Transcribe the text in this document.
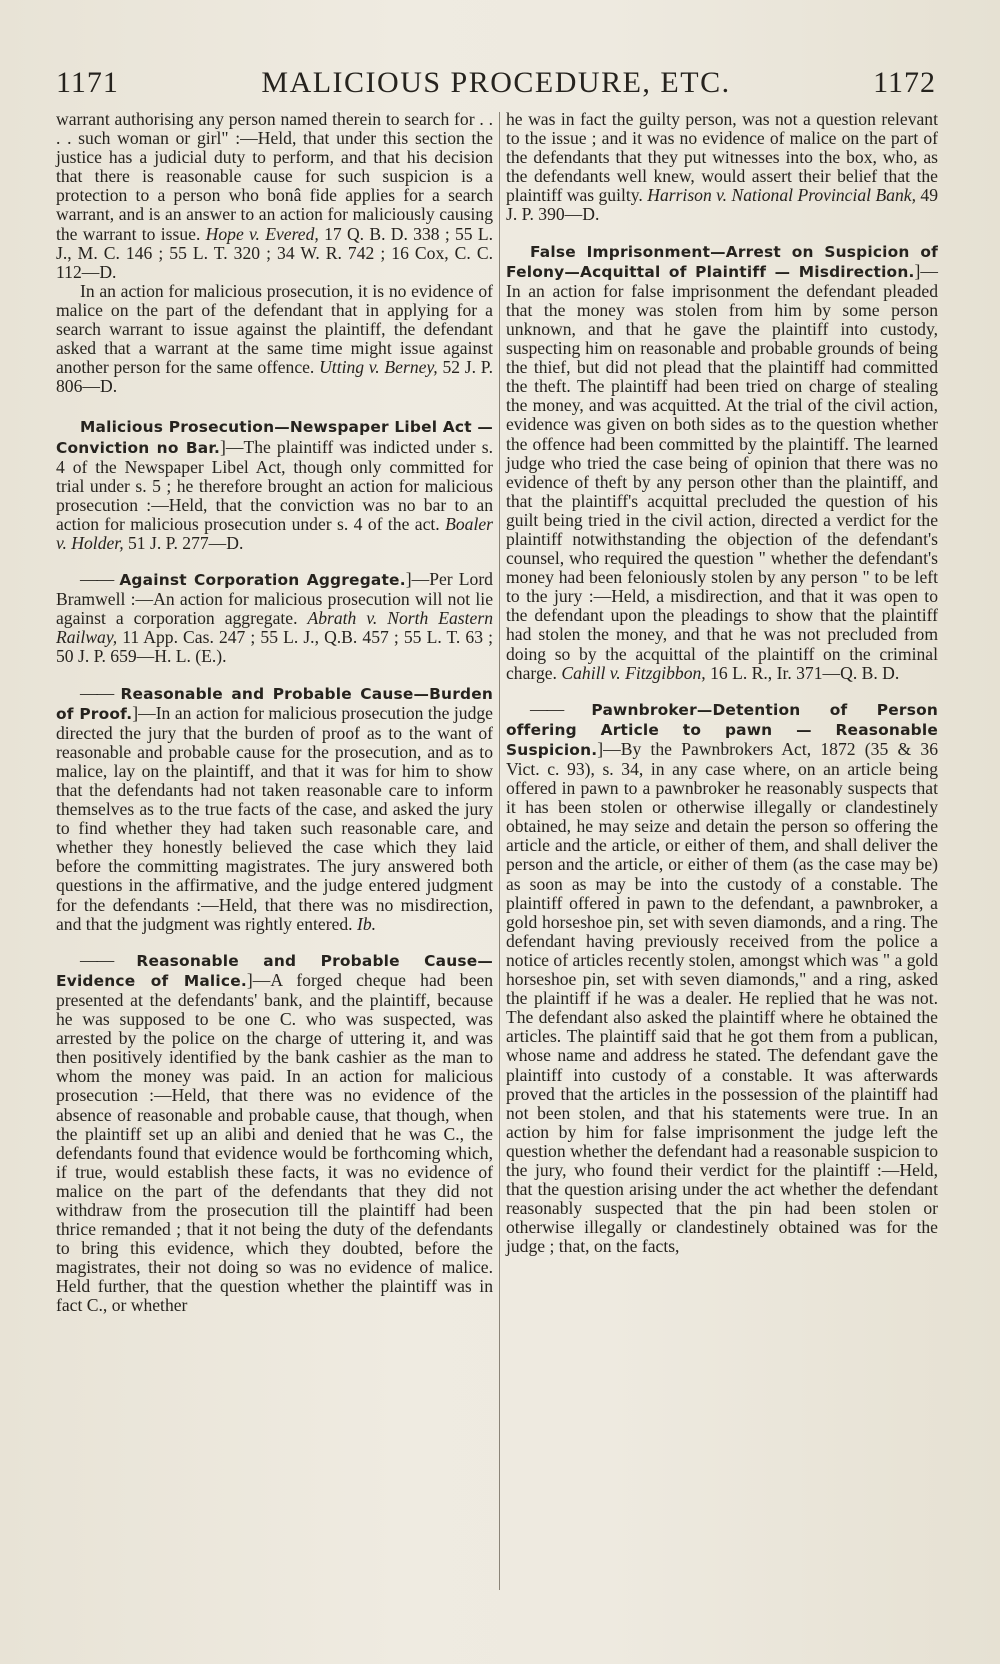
1171	MALICIOUS PROCEDURE, ETC.	1172

warrant authorising any person named therein to search for . . . . such woman or girl" :—Held, that under this section the justice has a judicial duty to perform, and that his decision that there is reasonable cause for such suspicion is a protection to a person who bonâ fide applies for a search warrant, and is an answer to an action for maliciously causing the warrant to issue. Hope v. Evered, 17 Q. B. D. 338 ; 55 L. J., M. C. 146 ; 55 L. T. 320 ; 34 W. R. 742 ; 16 Cox, C. C. 112—D.

In an action for malicious prosecution, it is no evidence of malice on the part of the defendant that in applying for a search warrant to issue against the plaintiff, the defendant asked that a warrant at the same time might issue against another person for the same offence. Utting v. Berney, 52 J. P. 806—D.

Malicious Prosecution—Newspaper Libel Act —Conviction no Bar.]—The plaintiff was indicted under s. 4 of the Newspaper Libel Act, though only committed for trial under s. 5 ; he therefore brought an action for malicious prosecution :—Held, that the conviction was no bar to an action for malicious prosecution under s. 4 of the act. Boaler v. Holder, 51 J. P. 277—D.

—— Against Corporation Aggregate.]—Per Lord Bramwell :—An action for malicious prosecution will not lie against a corporation aggregate. Abrath v. North Eastern Railway, 11 App. Cas. 247 ; 55 L. J., Q.B. 457 ; 55 L. T. 63 ; 50 J. P. 659—H. L. (E.).

—— Reasonable and Probable Cause—Burden of Proof.]—In an action for malicious prosecution the judge directed the jury that the burden of proof as to the want of reasonable and probable cause for the prosecution, and as to malice, lay on the plaintiff, and that it was for him to show that the defendants had not taken reasonable care to inform themselves as to the true facts of the case, and asked the jury to find whether they had taken such reasonable care, and whether they honestly believed the case which they laid before the committing magistrates. The jury answered both questions in the affirmative, and the judge entered judgment for the defendants :—Held, that there was no misdirection, and that the judgment was rightly entered. Ib.

—— Reasonable and Probable Cause—Evidence of Malice.]—A forged cheque had been presented at the defendants' bank, and the plaintiff, because he was supposed to be one C. who was suspected, was arrested by the police on the charge of uttering it, and was then positively identified by the bank cashier as the man to whom the money was paid. In an action for malicious prosecution :—Held, that there was no evidence of the absence of reasonable and probable cause, that though, when the plaintiff set up an alibi and denied that he was C., the defendants found that evidence would be forthcoming which, if true, would establish these facts, it was no evidence of malice on the part of the defendants that they did not withdraw from the prosecution till the plaintiff had been thrice remanded ; that it not being the duty of the defendants to bring this evidence, which they doubted, before the magistrates, their not doing so was no evidence of malice. Held further, that the question whether the plaintiff was in fact C., or whether

he was in fact the guilty person, was not a question relevant to the issue ; and it was no evidence of malice on the part of the defendants that they put witnesses into the box, who, as the defendants well knew, would assert their belief that the plaintiff was guilty. Harrison v. National Provincial Bank, 49 J. P. 390—D.

False Imprisonment—Arrest on Suspicion of Felony—Acquittal of Plaintiff — Misdirection.]—In an action for false imprisonment the defendant pleaded that the money was stolen from him by some person unknown, and that he gave the plaintiff into custody, suspecting him on reasonable and probable grounds of being the thief, but did not plead that the plaintiff had committed the theft. The plaintiff had been tried on charge of stealing the money, and was acquitted. At the trial of the civil action, evidence was given on both sides as to the question whether the offence had been committed by the plaintiff. The learned judge who tried the case being of opinion that there was no evidence of theft by any person other than the plaintiff, and that the plaintiff's acquittal precluded the question of his guilt being tried in the civil action, directed a verdict for the plaintiff notwithstanding the objection of the defendant's counsel, who required the question " whether the defendant's money had been feloniously stolen by any person " to be left to the jury :—Held, a misdirection, and that it was open to the defendant upon the pleadings to show that the plaintiff had stolen the money, and that he was not precluded from doing so by the acquittal of the plaintiff on the criminal charge. Cahill v. Fitzgibbon, 16 L. R., Ir. 371—Q. B. D.

—— Pawnbroker—Detention of Person offering Article to pawn — Reasonable Suspicion.]—By the Pawnbrokers Act, 1872 (35 & 36 Vict. c. 93), s. 34, in any case where, on an article being offered in pawn to a pawnbroker he reasonably suspects that it has been stolen or otherwise illegally or clandestinely obtained, he may seize and detain the person so offering the article and the article, or either of them, and shall deliver the person and the article, or either of them (as the case may be) as soon as may be into the custody of a constable. The plaintiff offered in pawn to the defendant, a pawnbroker, a gold horseshoe pin, set with seven diamonds, and a ring. The defendant having previously received from the police a notice of articles recently stolen, amongst which was " a gold horseshoe pin, set with seven diamonds," and a ring, asked the plaintiff if he was a dealer. He replied that he was not. The defendant also asked the plaintiff where he obtained the articles. The plaintiff said that he got them from a publican, whose name and address he stated. The defendant gave the plaintiff into custody of a constable. It was afterwards proved that the articles in the possession of the plaintiff had not been stolen, and that his statements were true. In an action by him for false imprisonment the judge left the question whether the defendant had a reasonable suspicion to the jury, who found their verdict for the plaintiff :—Held, that the question arising under the act whether the defendant reasonably suspected that the pin had been stolen or otherwise illegally or clandestinely obtained was for the judge ; that, on the facts,
